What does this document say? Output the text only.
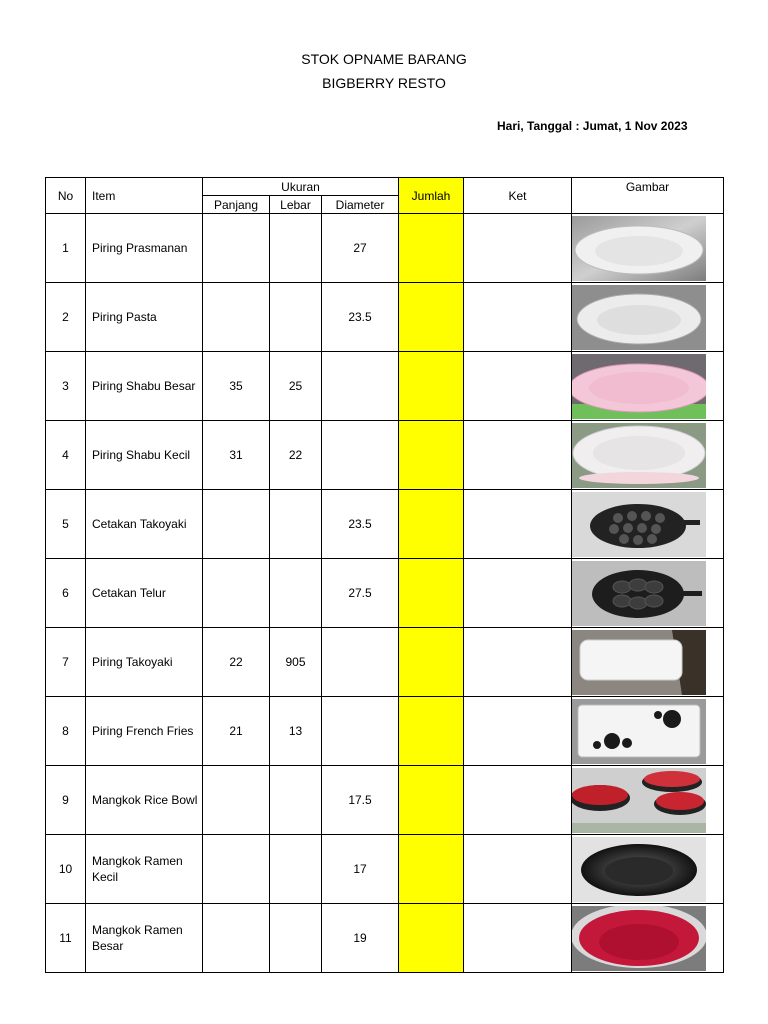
STOK OPNAME BARANG
BIGBERRY RESTO
Hari, Tanggal : Jumat, 1 Nov 2023
No	Item	Ukuran			Jumlah	Ket	Gambar
		Panjang	Lebar	Diameter			
1	Piring Prasmanan			27			

2	Piring Pasta			23.5			

3	Piring Shabu Besar	35	25				

4	Piring Shabu Kecil	31	22				

5	Cetakan Takoyaki			23.5			

6	Cetakan Telur			27.5			

7	Piring Takoyaki	22	905				

8	Piring French Fries	21	13				

9	Mangkok Rice Bowl			17.5			

10	Mangkok Ramen Kecil			17			

11	Mangkok Ramen Besar			19			
